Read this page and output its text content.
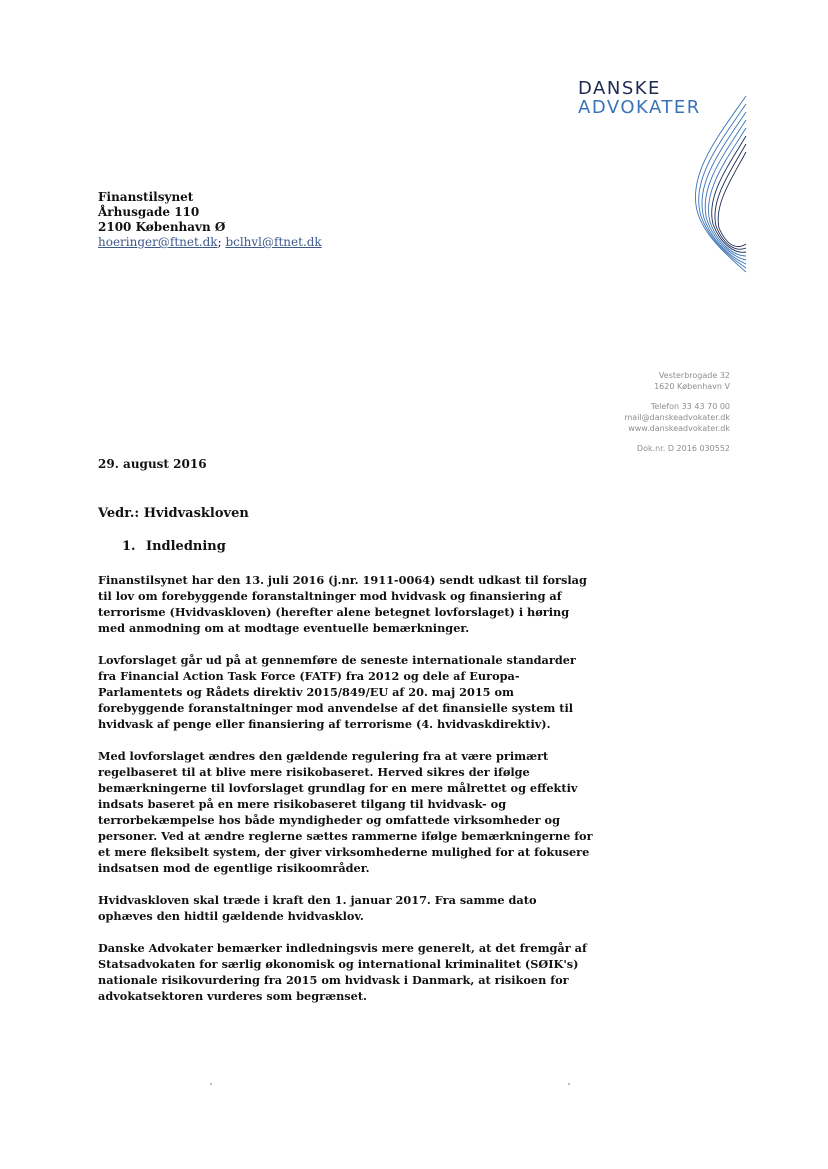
DANSKE
ADVOKATER
Finanstilsynet
Århusgade 110
2100 København Ø
hoeringer@ftnet.dk; bclhvl@ftnet.dk
Vesterbrogade 32
1620 København V
Telefon 33 43 70 00
mail@danskeadvokater.dk
www.danskeadvokater.dk
Dok.nr. D 2016 030552
29. august 2016
Vedr.: Hvidvaskloven
1. Indledning

Finanstilsynet har den 13. juli 2016 (j.nr. 1911-0064) sendt udkast til forslag til lov om forebyggende foranstaltninger mod hvidvask og finansiering af terrorisme (Hvidvaskloven) (herefter alene betegnet lovforslaget) i høring med anmodning om at modtage eventuelle bemærkninger.

Lovforslaget går ud på at gennemføre de seneste internationale standarder fra Financial Action Task Force (FATF) fra 2012 og dele af Europa-Parlamentets og Rådets direktiv 2015/849/EU af 20. maj 2015 om forebyggende foranstaltninger mod anvendelse af det finansielle system til hvidvask af penge eller finansiering af terrorisme (4. hvidvaskdirektiv).

Med lovforslaget ændres den gældende regulering fra at være primært regelbaseret til at blive mere risikobaseret. Herved sikres der ifølge bemærkningerne til lovforslaget grundlag for en mere målrettet og effektiv indsats baseret på en mere risikobaseret tilgang til hvidvask- og terrorbekæmpelse hos både myndigheder og omfattede virksomheder og personer. Ved at ændre reglerne sættes rammerne ifølge bemærkningerne for et mere fleksibelt system, der giver virksomhederne mulighed for at fokusere indsatsen mod de egentlige risikoområder.

Hvidvaskloven skal træde i kraft den 1. januar 2017. Fra samme dato ophæves den hidtil gældende hvidvasklov.

Danske Advokater bemærker indledningsvis mere generelt, at det fremgår af Statsadvokaten for særlig økonomisk og international kriminalitet (SØIK's) nationale risikovurdering fra 2015 om hvidvask i Danmark, at risikoen for advokatsektoren vurderes som begrænset.
